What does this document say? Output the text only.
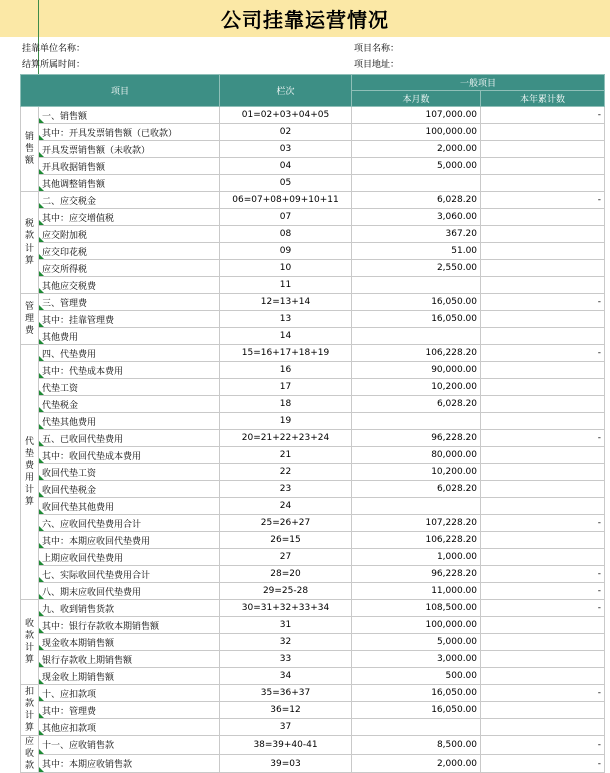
公司挂靠运营情况
挂靠单位名称：
结算所属时间：
项目名称：
项目地址：
项目		栏次	一般项目	
			本月数	本年累计数
销售额	一、销售额	01=02+03+04+05	107,000.00	-
	其中：开具发票销售额（已收款）	02	100,000.00	
	开具发票销售额（未收款）	03	2,000.00	
	开具收据销售额	04	5,000.00	
	其他调整销售额	05		
税款计算	二、应交税金	06=07+08+09+10+11	6,028.20	-
	其中：应交增值税	07	3,060.00	
	应交附加税	08	367.20	
	应交印花税	09	51.00	
	应交所得税	10	2,550.00	
	其他应交税费	11		
管理费	三、管理费	12=13+14	16,050.00	-
	其中：挂靠管理费	13	16,050.00	
	其他费用	14		
代垫费用计算	四、代垫费用	15=16+17+18+19	106,228.20	-
	其中：代垫成本费用	16	90,000.00	
	代垫工资	17	10,200.00	
	代垫税金	18	6,028.20	
	代垫其他费用	19		
	五、已收回代垫费用	20=21+22+23+24	96,228.20	-
	其中：收回代垫成本费用	21	80,000.00	
	收回代垫工资	22	10,200.00	
	收回代垫税金	23	6,028.20	
	收回代垫其他费用	24		
	六、应收回代垫费用合计	25=26+27	107,228.20	-
	其中：本期应收回代垫费用	26=15	106,228.20	
	上期应收回代垫费用	27	1,000.00	
	七、实际收回代垫费用合计	28=20	96,228.20	-
	八、期末应收回代垫费用	29=25-28	11,000.00	-
收款计算	九、收到销售货款	30=31+32+33+34	108,500.00	-
	其中：银行存款收本期销售额	31	100,000.00	
	现金收本期销售额	32	5,000.00	
	银行存款收上期销售额	33	3,000.00	
	现金收上期销售额	34	500.00	
扣款计算	十、应扣款项	35=36+37	16,050.00	-
	其中：管理费	36=12	16,050.00	
	其他应扣款项	37		
应收款	十一、应收销售款	38=39+40-41	8,500.00	-
	其中：本期应收销售款	39=03	2,000.00	-
